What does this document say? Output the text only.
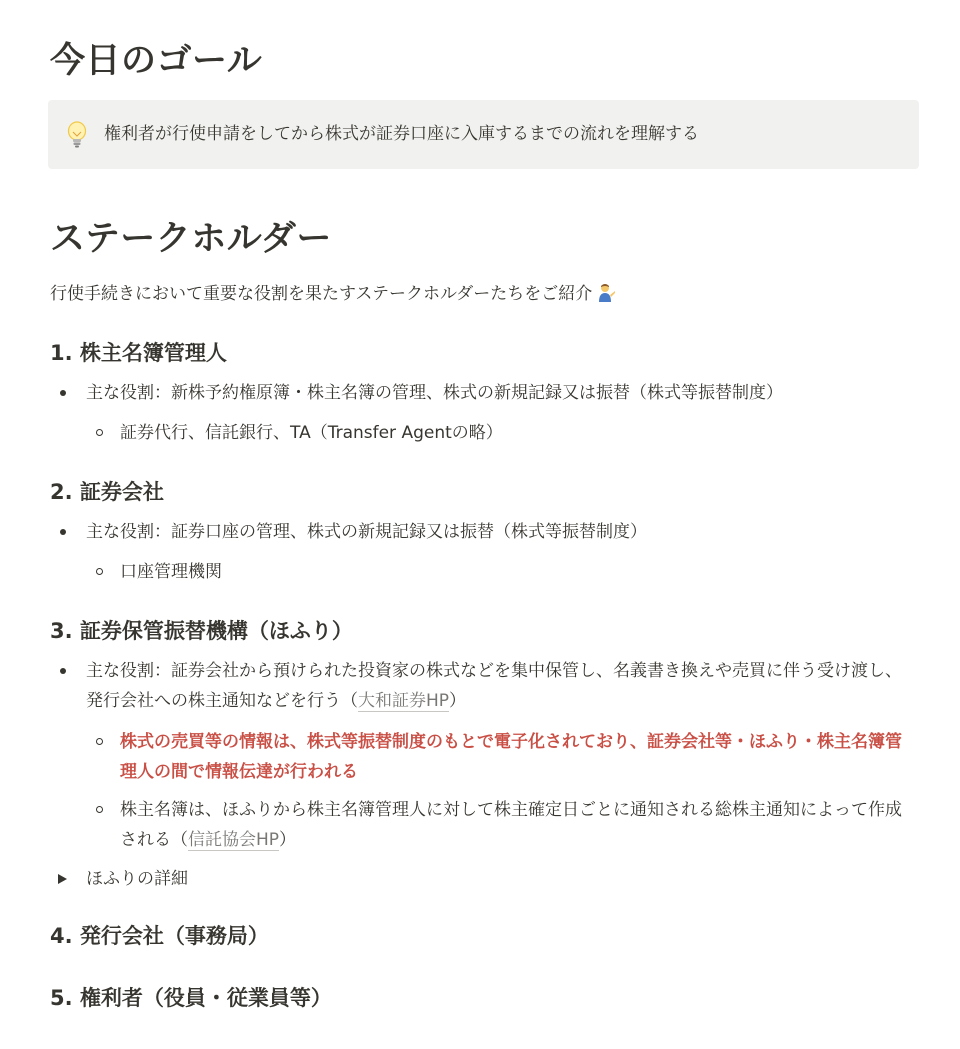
今日のゴール
権利者が行使申請をしてから株式が証券口座に入庫するまでの流れを理解する
ステークホルダー
行使手続きにおいて重要な役割を果たすステークホルダーたちをご紹介
1. 株主名簿管理人
主な役割：新株予約権原簿・株主名簿の管理、株式の新規記録又は振替（株式等振替制度）
証券代行、信託銀行、TA（Transfer Agentの略）
2. 証券会社
主な役割：証券口座の管理、株式の新規記録又は振替（株式等振替制度）
口座管理機関
3. 証券保管振替機構（ほふり）
主な役割：証券会社から預けられた投資家の株式などを集中保管し、名義書き換えや売買に伴う受け渡し、発行会社への株主通知などを行う（大和証券HP）
株式の売買等の情報は、株式等振替制度のもとで電子化されており、証券会社等・ほふり・株主名簿管理人の間で情報伝達が行われる
株主名簿は、ほふりから株主名簿管理人に対して株主確定日ごとに通知される総株主通知によって作成される（信託協会HP）
ほふりの詳細
4. 発行会社（事務局）
5. 権利者（役員・従業員等）
